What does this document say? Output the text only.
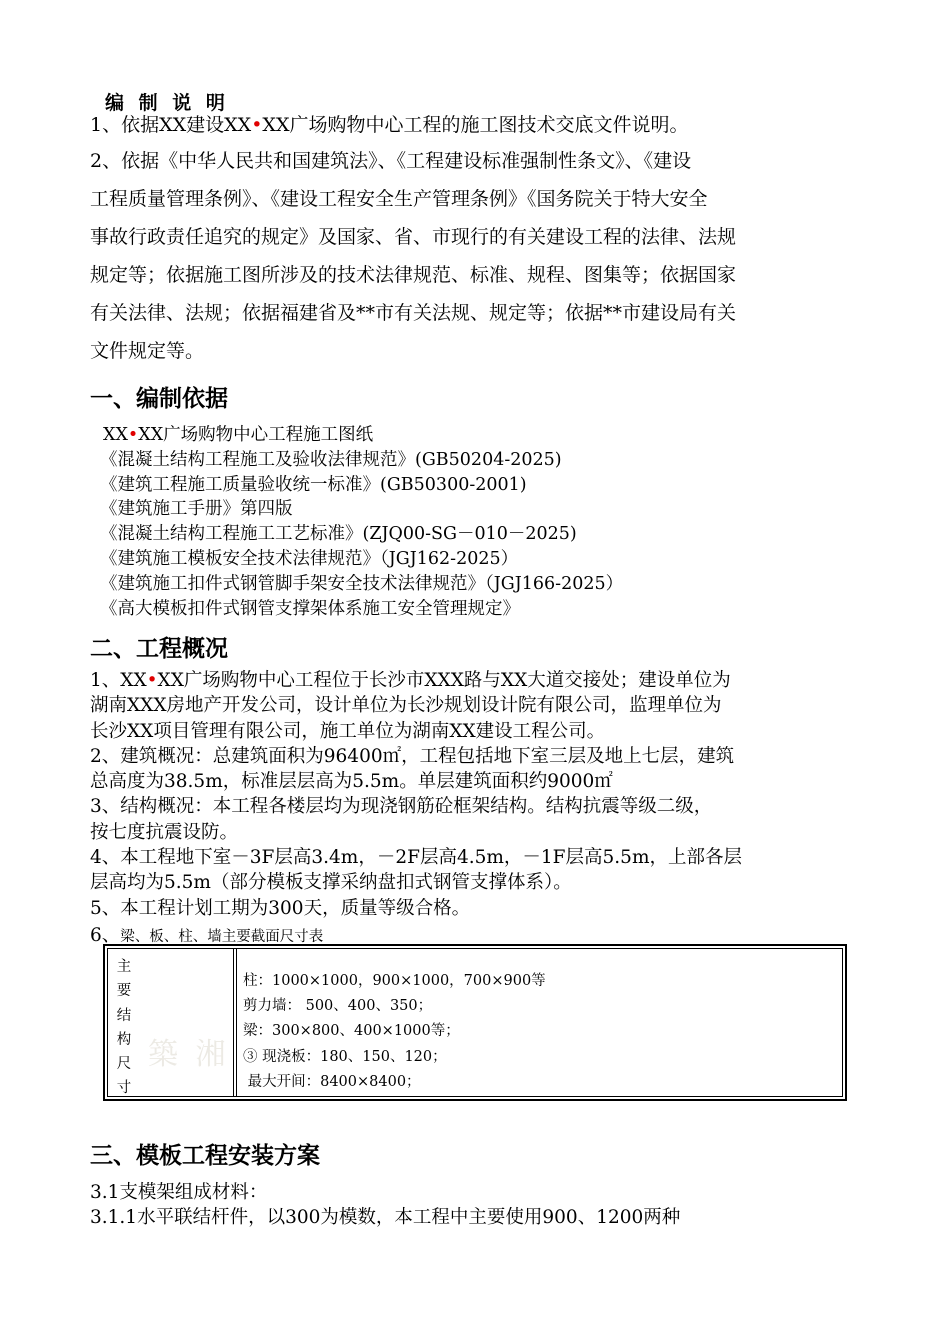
编 制 说 明
1、依据XX建设XX•XX广场购物中心工程的施工图技术交底文件说明。
2、依据《中华人民共和国建筑法》、《工程建设标准强制性条文》、《建设
工程质量管理条例》、《建设工程安全生产管理条例》《国务院关于特大安全
事故行政责任追究的规定》及国家、省、市现行的有关建设工程的法律、法规
规定等；依据施工图所涉及的技术法律规范、标准、规程、图集等；依据国家
有关法律、法规；依据福建省及**市有关法规、规定等；依据**市建设局有关
文件规定等。
一、编制依据
XX•XX广场购物中心工程施工图纸
《混凝土结构工程施工及验收法律规范》(GB50204-2025)
《建筑工程施工质量验收统一标准》(GB50300-2001)
《建筑施工手册》第四版
《混凝土结构工程施工工艺标准》(ZJQ00-SG－010－2025)
《建筑施工模板安全技术法律规范》（JGJ162-2025）
《建筑施工扣件式钢管脚手架安全技术法律规范》（JGJ166-2025）
《高大模板扣件式钢管支撑架体系施工安全管理规定》
二、工程概况
1、XX•XX广场购物中心工程位于长沙市XXX路与XX大道交接处；建设单位为
湖南XXX房地产开发公司，设计单位为长沙规划设计院有限公司，监理单位为
长沙XX项目管理有限公司，施工单位为湖南XX建设工程公司。
2、建筑概况：总建筑面积为96400㎡，工程包括地下室三层及地上七层，建筑
总高度为38.5m，标准层层高为5.5m。单层建筑面积约9000㎡
3、结构概况：本工程各楼层均为现浇钢筋砼框架结构。结构抗震等级二级，
按七度抗震设防。
4、本工程地下室－3F层高3.4m，－2F层高4.5m，－1F层高5.5m，上部各层
层高均为5.5m（部分模板支撑采纳盘扣式钢管支撑体系）。
5、本工程计划工期为300天，质量等级合格。
6、梁、板、柱、墙主要截面尺寸表
主
要
结
构
尺
寸
築 湘
柱：1000×1000，900×1000，700×900等
剪力墙： 500、400、350；
梁：300×800、400×1000等；
③ 现浇板：180、150、120；
最大开间：8400×8400；
三、模板工程安装方案
3.1支模架组成材料：
3.1.1水平联结杆件，以300为模数，本工程中主要使用900、1200两种
